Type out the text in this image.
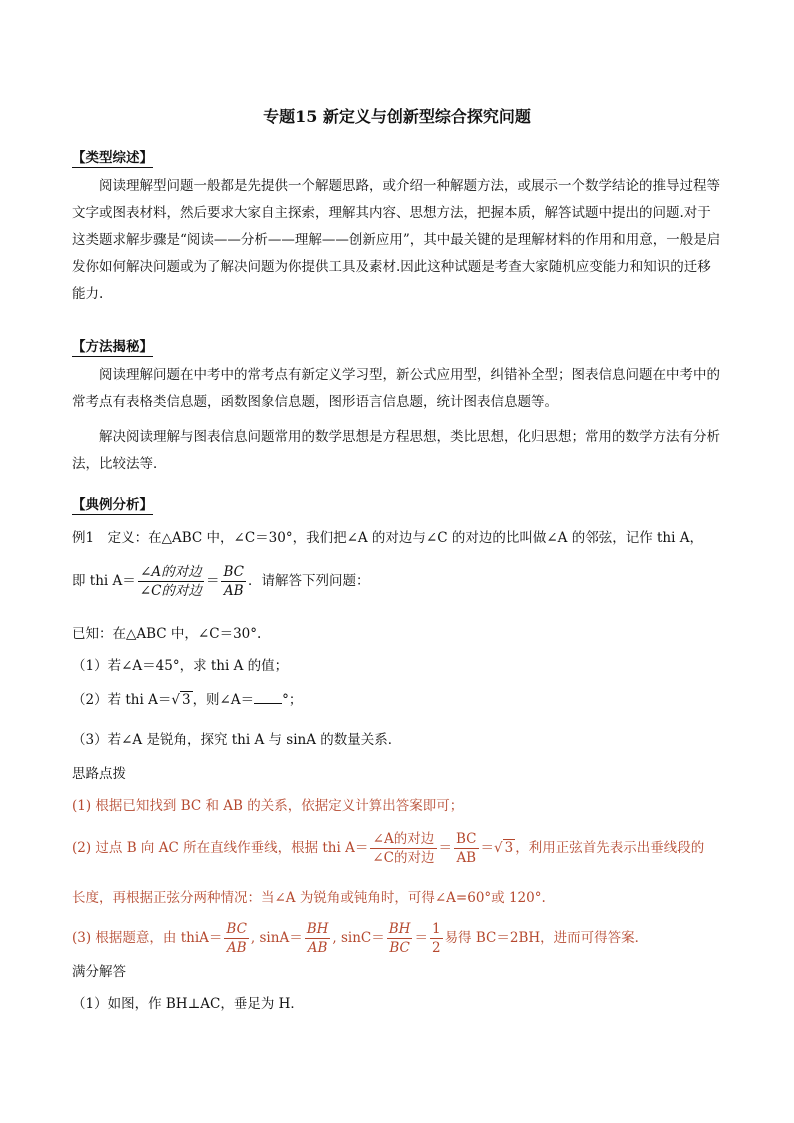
专题15 新定义与创新型综合探究问题
【类型综述】

阅读理解型问题一般都是先提供一个解题思路，或介绍一种解题方法，或展示一个数学结论的推导过程等文字或图表材料，然后要求大家自主探索，理解其内容、思想方法，把握本质，解答试题中提出的问题.对于这类题求解步骤是“阅读——分析——理解——创新应用”，其中最关键的是理解材料的作用和用意，一般是启发你如何解决问题或为了解决问题为你提供工具及素材.因此这种试题是考查大家随机应变能力和知识的迁移能力.

【方法揭秘】

阅读理解问题在中考中的常考点有新定义学习型，新公式应用型，纠错补全型；图表信息问题在中考中的常考点有表格类信息题，函数图象信息题，图形语言信息题，统计图表信息题等。

解决阅读理解与图表信息问题常用的数学思想是方程思想，类比思想，化归思想；常用的数学方法有分析法，比较法等．

【典例分析】
例1　定义：在△ABC 中，∠C＝30°，我们把∠A 的对边与∠C 的对边的比叫做∠A 的邻弦，记作 thi A，
即 thi $A= \frac{\text{∠A的对边}}{\text{∠C的对边}} = \frac{BC}{AB}$ ．请解答下列问题：
已知：在△ABC 中，∠C＝30°.
（1）若∠A＝45°，求 thi A 的值；
（2）若 thi A＝√ 3 ，则∠A＝ °；
（3）若∠A 是锐角，探究 thi A 与 sinA 的数量关系．
思路点拨
(1) 根据已知找到 BC 和 AB 的关系，依据定义计算出答案即可；
(2) 过点 B 向 AC 所在直线作垂线，根据 thi $A= \frac{\text{∠A的对边}}{\text{∠C的对边}} = \frac{BC}{AB}$ ＝√ 3 ，利用正弦首先表示出垂线段的
长度，再根据正弦分两种情况：当∠A 为锐角或钝角时，可得∠A=60°或 120°.
(3) 根据题意，由 thiA＝ $\frac{BC}{AB}$ , $\sin A= \frac{BH}{AB}$ , $\sin C= \frac{BH}{BC} = \frac{1}{2}$ 易得 BC＝2BH，进而可得答案．
满分解答
（1）如图，作 BH⊥AC，垂足为 H．
